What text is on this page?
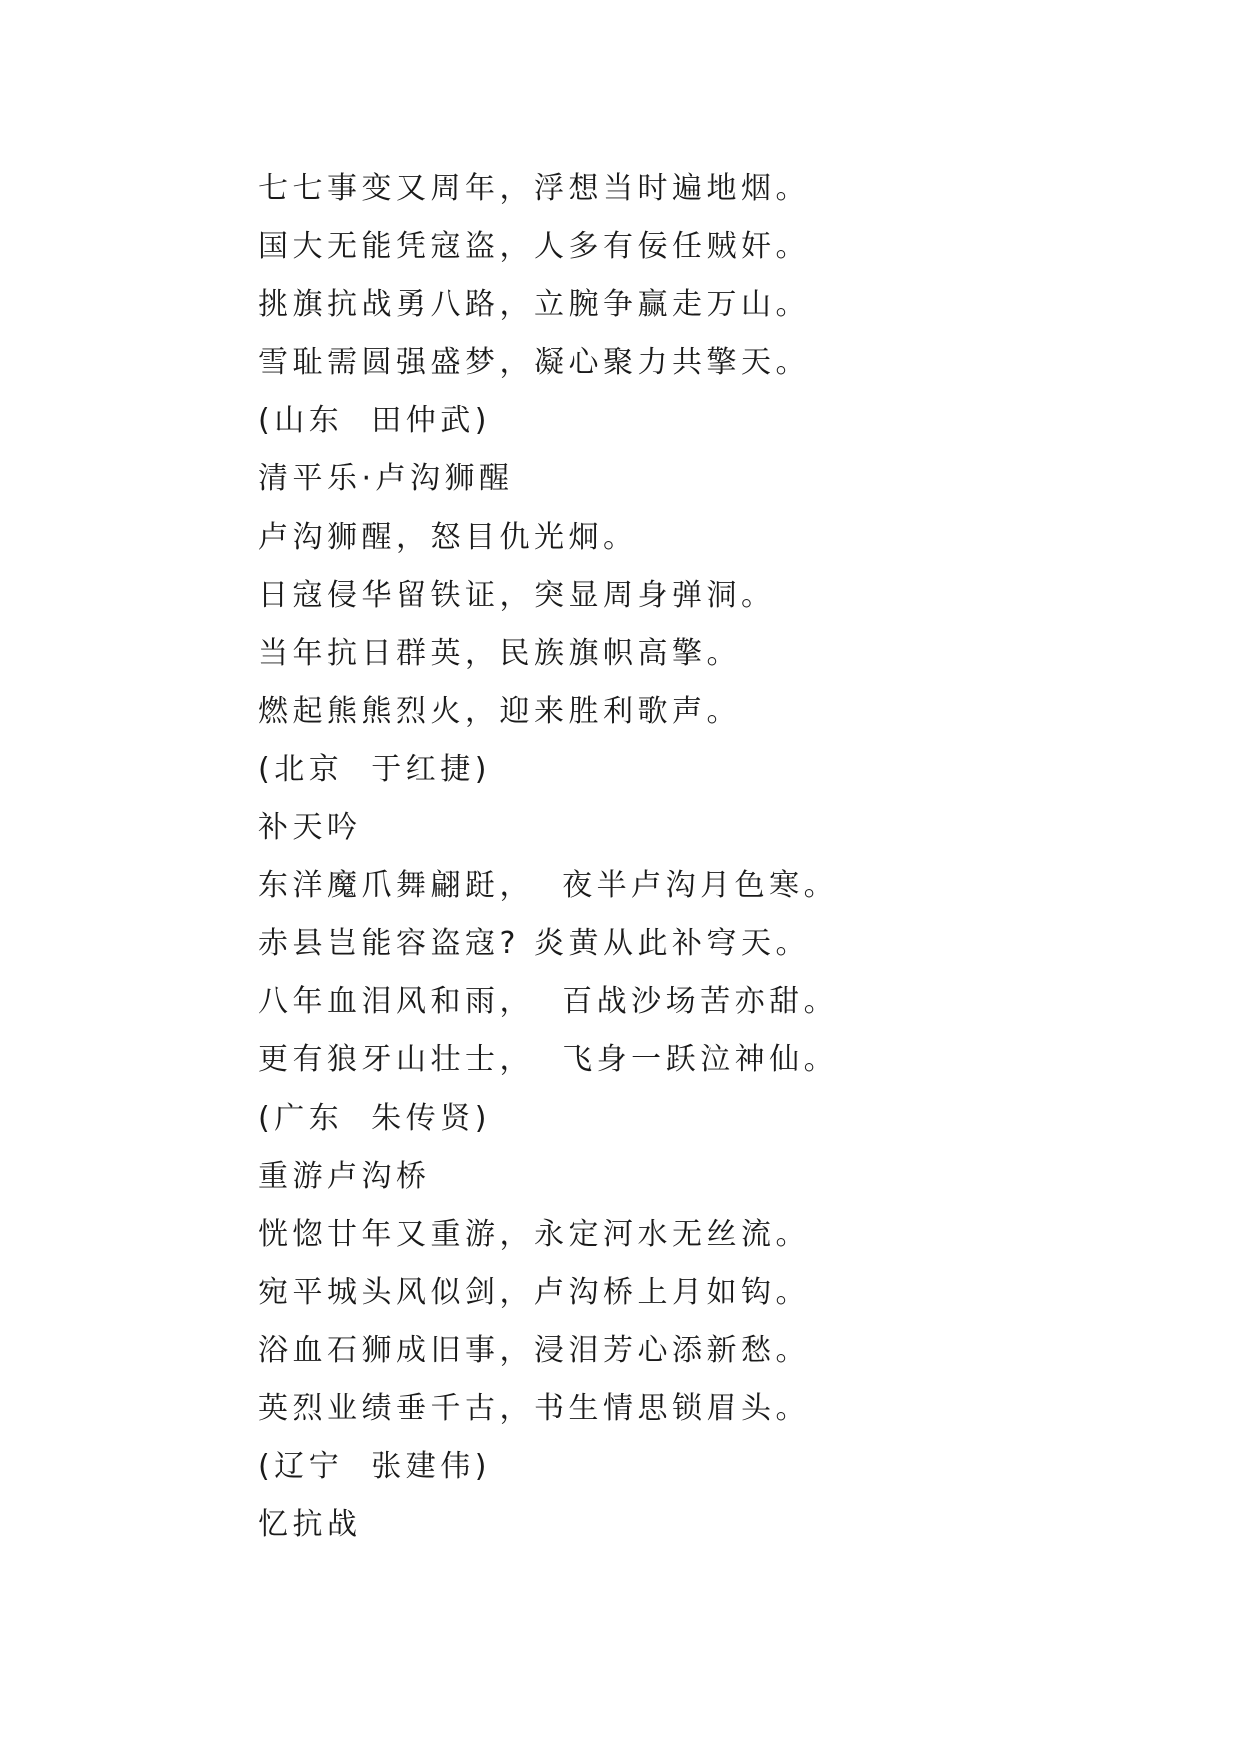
七七事变又周年，浮想当时遍地烟。
国大无能凭寇盗，人多有佞任贼奸。
挑旗抗战勇八路，立腕争赢走万山。
雪耻需圆强盛梦，凝心聚力共擎天。
(山东  田仲武)
清平乐·卢沟狮醒
卢沟狮醒，怒目仇光炯。
日寇侵华留铁证，突显周身弹洞。
当年抗日群英，民族旗帜高擎。
燃起熊熊烈火，迎来胜利歌声。
(北京  于红捷)
补天吟
东洋魔爪舞翩跹，  夜半卢沟月色寒。
赤县岂能容盗寇? 炎黄从此补穹天。
八年血泪风和雨，  百战沙场苦亦甜。
更有狼牙山壮士，  飞身一跃泣神仙。
(广东  朱传贤)
重游卢沟桥
恍惚廿年又重游，永定河水无丝流。
宛平城头风似剑，卢沟桥上月如钩。
浴血石狮成旧事，浸泪芳心添新愁。
英烈业绩垂千古，书生情思锁眉头。
(辽宁  张建伟)
忆抗战
